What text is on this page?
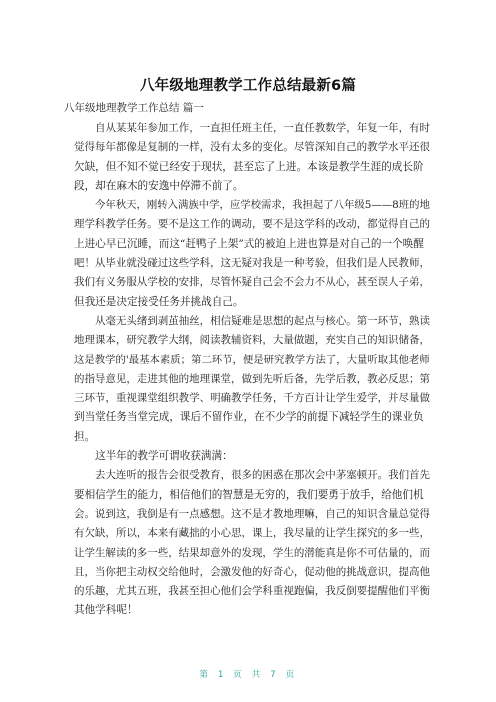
八年级地理教学工作总结最新6篇
八年级地理教学工作总结 篇一

自从某某年参加工作，一直担任班主任，一直任教数学，年复一年，有时
觉得每年都像是复制的一样，没有太多的变化。尽管深知自己的教学水平还很
欠缺，但不知不觉已经安于现状，甚至忘了上进。本该是教学生涯的成长阶
段，却在麻木的安逸中停滞不前了。

今年秋天，刚转入满族中学，应学校需求，我担起了八年级5——8班的地
理学科教学任务。要不是这工作的调动，要不是这学科的改动，都觉得自己的
上进心早已沉睡，而这“赶鸭子上架”式的被迫上进也算是对自己的一个唤醒
吧！从毕业就没碰过这些学科，这无疑对我是一种考验，但我们是人民教师，
我们有义务服从学校的安排，尽管怀疑自己会不会力不从心，甚至误人子弟，
但我还是决定接受任务并挑战自己。

从毫无头绪到剥茧抽丝，相信疑难是思想的起点与核心。第一环节，熟读
地理课本，研究教学大纲，阅读教辅资料，大量做题，充实自己的知识储备，
这是教学的'最基本素质；第二环节，便是研究教学方法了，大量听取其他老师
的指导意见，走进其他的地理课堂，做到先听后备，先学后教，教必反思；第
三环节，重视课堂组织教学、明确教学任务，千方百计让学生爱学，并尽量做
到当堂任务当堂完成，课后不留作业，在不少学的前提下减轻学生的课业负
担。

这半年的教学可谓收获满满：

去大连听的报告会很受教育，很多的困惑在那次会中茅塞顿开。我们首先
要相信学生的能力，相信他们的智慧是无穷的，我们要勇于放手，给他们机
会。说到这，我倒是有一点感想。这不是才教地理嘛，自己的知识含量总觉得
有欠缺，所以，本来有藏拙的小心思，课上，我尽量的让学生探究的多一些，
让学生解读的多一些，结果却意外的发现，学生的潜能真是你不可估量的，而
且，当你把主动权交给他时，会激发他的好奇心，促动他的挑战意识，提高他
的乐趣，尤其五班，我甚至担心他们会学科重视跑偏，我反倒要提醒他们平衡
其他学科呢！

第 1 页 共 7 页
